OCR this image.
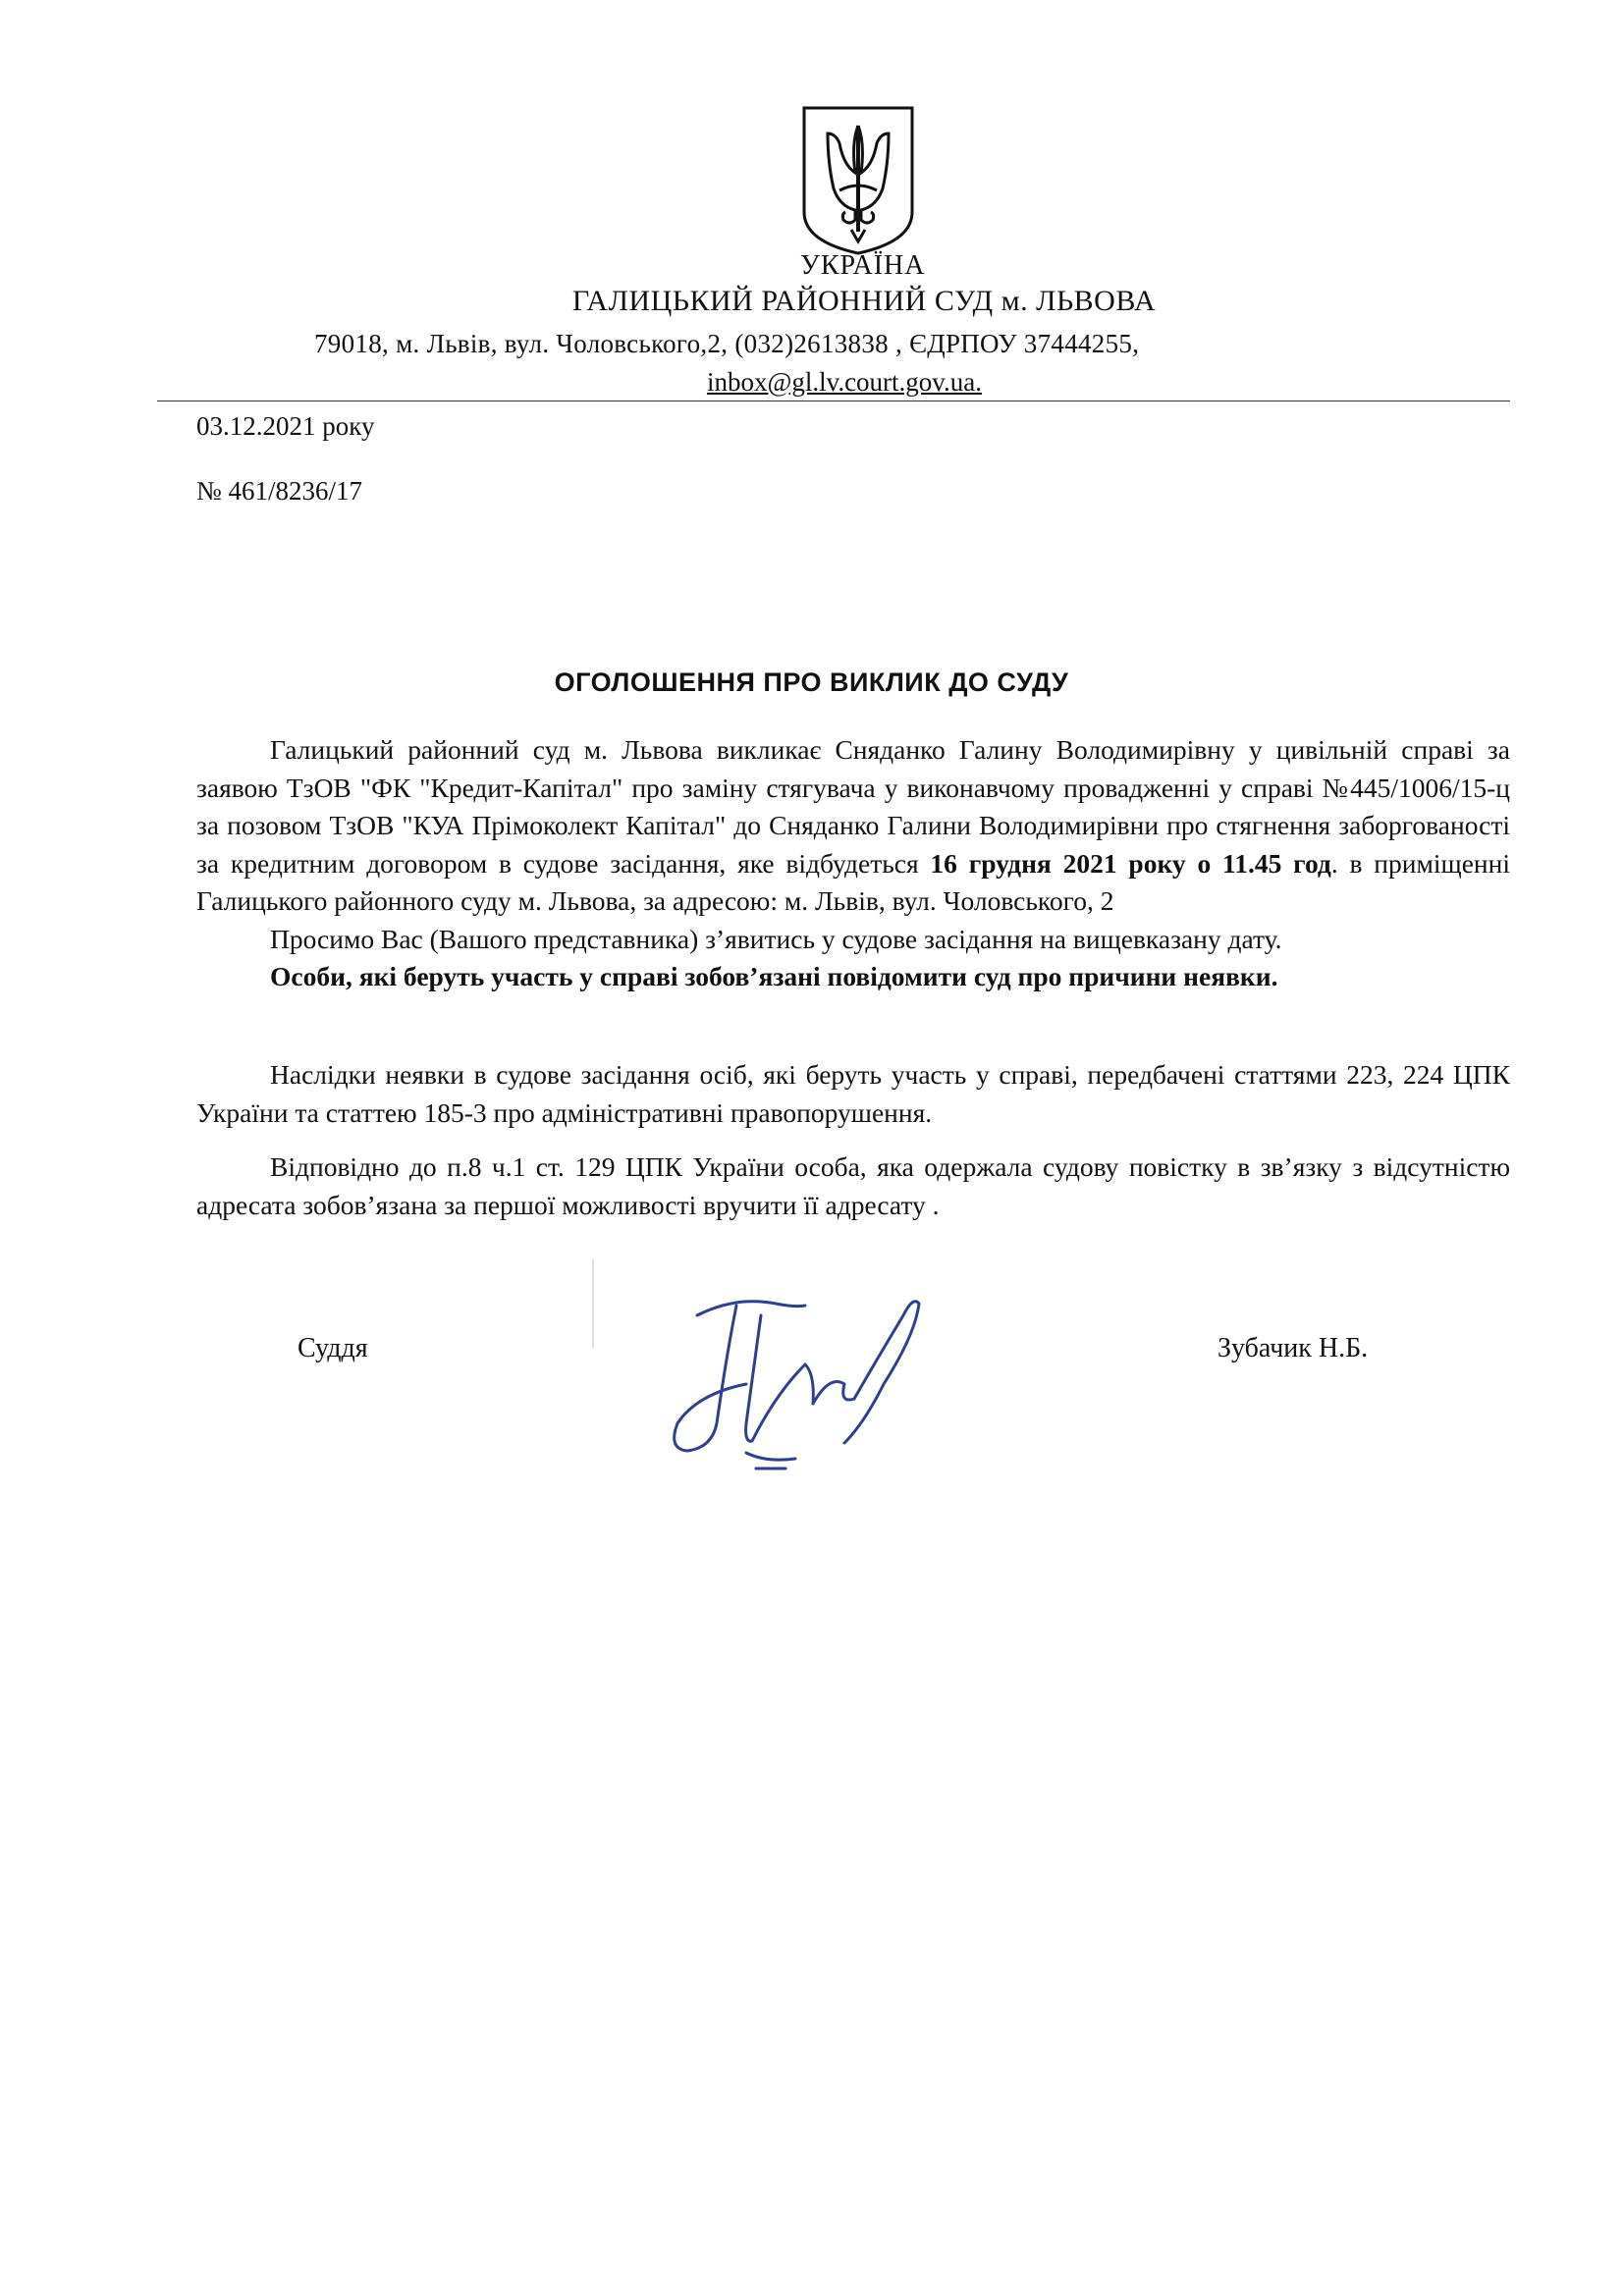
УКРАЇНА
ГАЛИЦЬКИЙ РАЙОННИЙ СУД м. ЛЬВОВА
79018, м. Львів, вул. Чоловського,2, (032)2613838 , ЄДРПОУ 37444255,
inbox@gl.lv.court.gov.ua.
03.12.2021 року
№ 461/8236/17
ОГОЛОШЕННЯ ПРО ВИКЛИК ДО СУДУ

Галицький районний суд м. Львова викликає Сняданко Галину Володимирівну у цивільній справі за заявою ТзОВ "ФК "Кредит-Капітал" про заміну стягувача у виконавчому провадженні у справі №445/1006/15-ц за позовом ТзОВ "КУА Прімоколект Капітал" до Сняданко Галини Володимирівни про стягнення заборгованості за кредитним договором в судове засідання, яке відбудеться 16 грудня 2021 року о 11.45 год. в приміщенні Галицького районного суду м. Львова, за адресою: м. Львів, вул. Чоловського, 2

Просимо Вас (Вашого представника) з’явитись у судове засідання на вищевказану дату.

Особи, які беруть участь у справі зобов’язані повідомити суд про причини неявки.

Наслідки неявки в судове засідання осіб, які беруть участь у справі, передбачені статтями 223, 224 ЦПК України та статтею 185-3 про адміністративні правопорушення.

Відповідно до п.8 ч.1 ст. 129 ЦПК України особа, яка одержала судову повістку в зв’язку з відсутністю адресата зобов’язана за першої можливості вручити її адресату .

Суддя	Зубачик Н.Б.
